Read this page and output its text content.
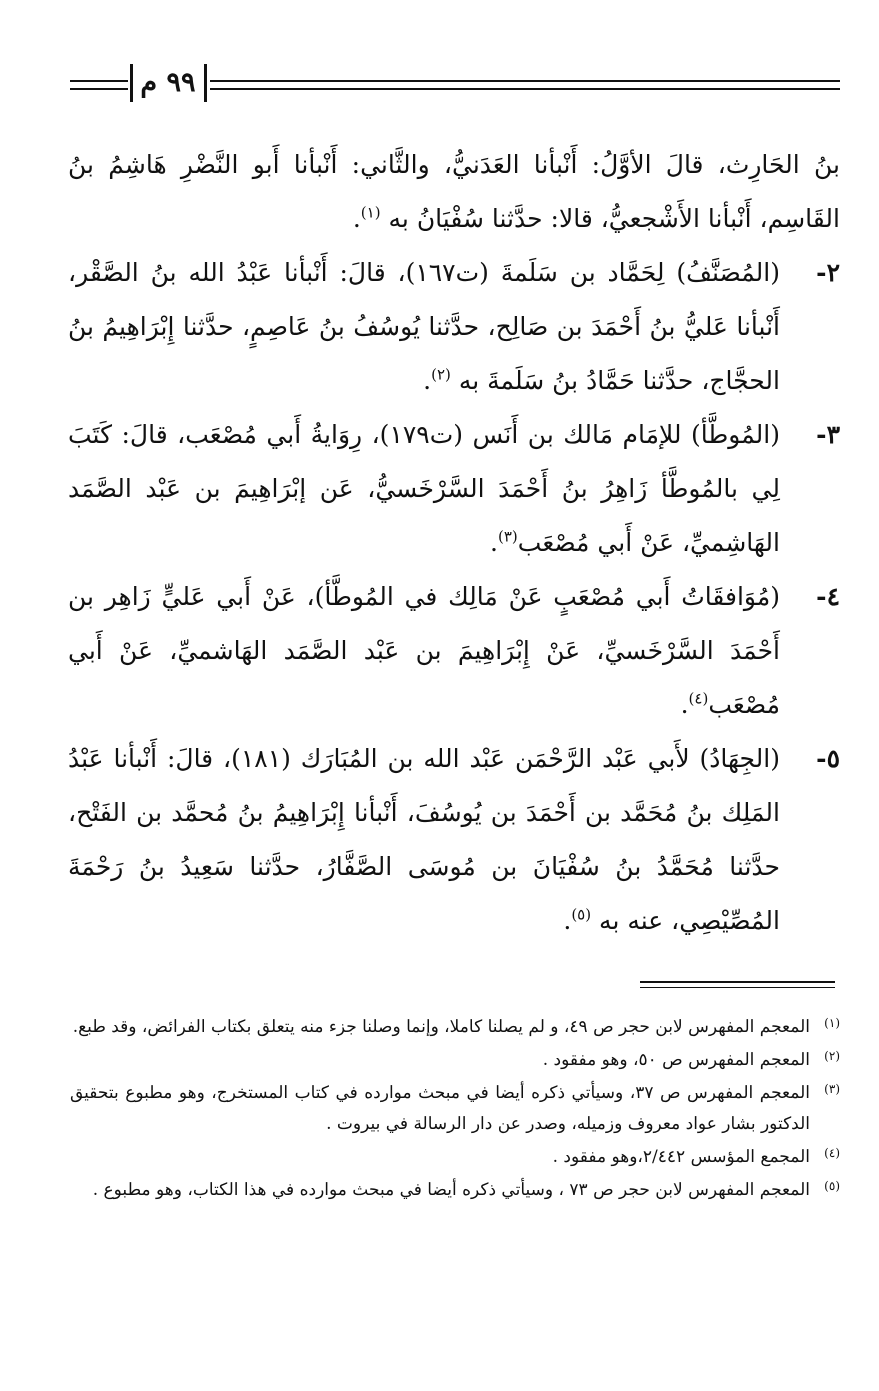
٩٩ م

بنُ الحَارِث، قالَ الأوَّلُ: أَنْبأنا العَدَنيُّ، والثَّاني: أَنْبأنا أَبو النَّضْرِ هَاشِمُ بنُ القَاسِم، أَنْبأنا الأَشْجعيُّ، قالا: حدَّثنا سُفْيَانُ به $^{(١)}$.

٢-
(المُصَنَّفُ) لِحَمَّاد بن سَلَمةَ (ت١٦٧)، قالَ: أَنْبأنا عَبْدُ الله بنُ الصَّقْر، أَنْبأنا عَليُّ بنُ أَحْمَدَ بن صَالِح، حدَّثنا يُوسُفُ بنُ عَاصِمٍ، حدَّثنا إِبْرَاهِيمُ بنُ الحجَّاج، حدَّثنا حَمَّادُ بنُ سَلَمةَ به $^{(٢)}$.
٣-
(المُوطَّأ) للإمَام مَالك بن أَنَس (ت١٧٩)، رِوَايةُ أَبي مُصْعَب، قالَ: كَتَبَ لِي بالمُوطَّأ زَاهِرُ بنُ أَحْمَدَ السَّرْخَسيُّ، عَن إبْرَاهِيمَ بن عَبْد الصَّمَد الهَاشِميِّ، عَنْ أَبي مُصْعَب$^{(٣)}$.
٤-
(مُوَافقَاتُ أَبي مُصْعَبٍ عَنْ مَالِك في المُوطَّأ)، عَنْ أَبي عَليٍّ زَاهِر بن أَحْمَدَ السَّرْخَسيِّ، عَنْ إِبْرَاهِيمَ بن عَبْد الصَّمَد الهَاشميِّ، عَنْ أَبي مُصْعَب$^{(٤)}$.
٥-
(الجِهَادُ) لأَبي عَبْد الرَّحْمَن عَبْد الله بن المُبَارَك (١٨١)، قالَ: أَنْبأنا عَبْدُ المَلِك بنُ مُحَمَّد بن أَحْمَدَ بن يُوسُفَ، أَنْبأنا إِبْرَاهِيمُ بنُ مُحمَّد بن الفَتْح، حدَّثنا مُحَمَّدُ بنُ سُفْيَانَ بن مُوسَى الصَّفَّارُ، حدَّثنا سَعِيدُ بنُ رَحْمَةَ المُصِّيْصِي، عنه به $^{(٥)}$.
(١)
المعجم المفهرس لابن حجر ص ٤٩، و لم يصلنا كاملا، وإنما وصلنا جزء منه يتعلق بكتاب الفرائض، وقد طبع.
(٢)
المعجم المفهرس ص ٥٠، وهو مفقود .
(٣)
المعجم المفهرس ص ٣٧، وسيأتي ذكره أيضا في مبحث موارده في كتاب المستخرج، وهو مطبوع بتحقيق الدكتور بشار عواد معروف وزميله، وصدر عن دار الرسالة في بيروت .
(٤)
المجمع المؤسس ٢/٤٤٢،وهو مفقود .
(٥)
المعجم المفهرس لابن حجر ص ٧٣ ، وسيأتي ذكره أيضا في مبحث موارده في هذا الكتاب، وهو مطبوع .
